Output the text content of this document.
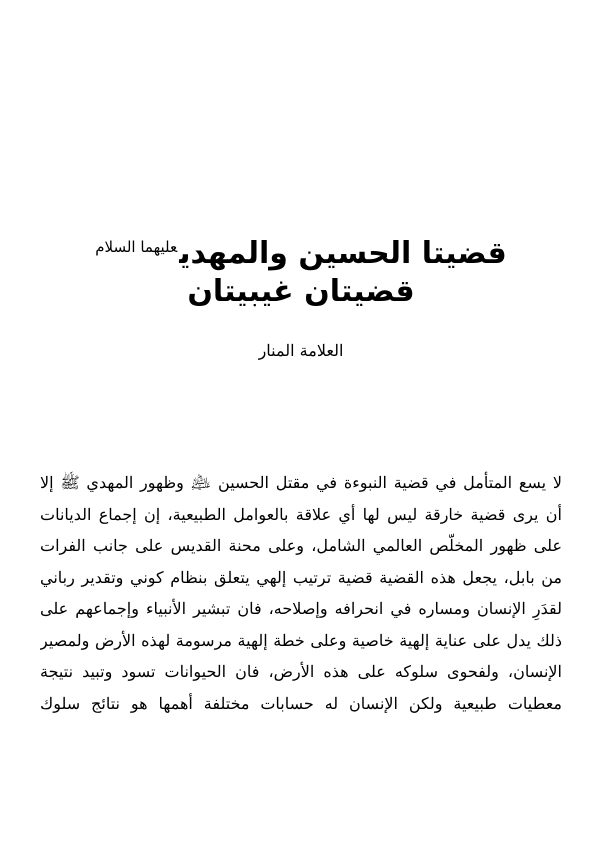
قضيتا الحسين والمهدي$^{عليهما السلام}$
قضيتان غيبيتان
العلامة المنار
لا يسع المتأمل في قضية النبوءة في مقتل الحسين ﵇ وظهور المهدي ﷺ إلا
أن يرى قضية خارقة ليس لها أي علاقة بالعوامل الطبيعية، إن إجماع الديانات
على ظهور المخلّص العالمي الشامل، وعلى محنة القديس على جانب الفرات
من بابل، يجعل هذه القضية قضية ترتيب إلهي يتعلق بنظام كوني وتقدير رباني
لقدَرِ الإنسان ومساره في انحرافه وإصلاحه، فان تبشير الأنبياء وإجماعهم على
ذلك يدل على عناية إلهية خاصية وعلى خطة إلهية مرسومة لهذه الأرض ولمصير
الإنسان، ولفحوى سلوكه على هذه الأرض، فان الحيوانات تسود وتبيد نتيجة
معطيات طبيعية ولكن الإنسان له حسابات مختلفة أهمها هو نتائج سلوك
